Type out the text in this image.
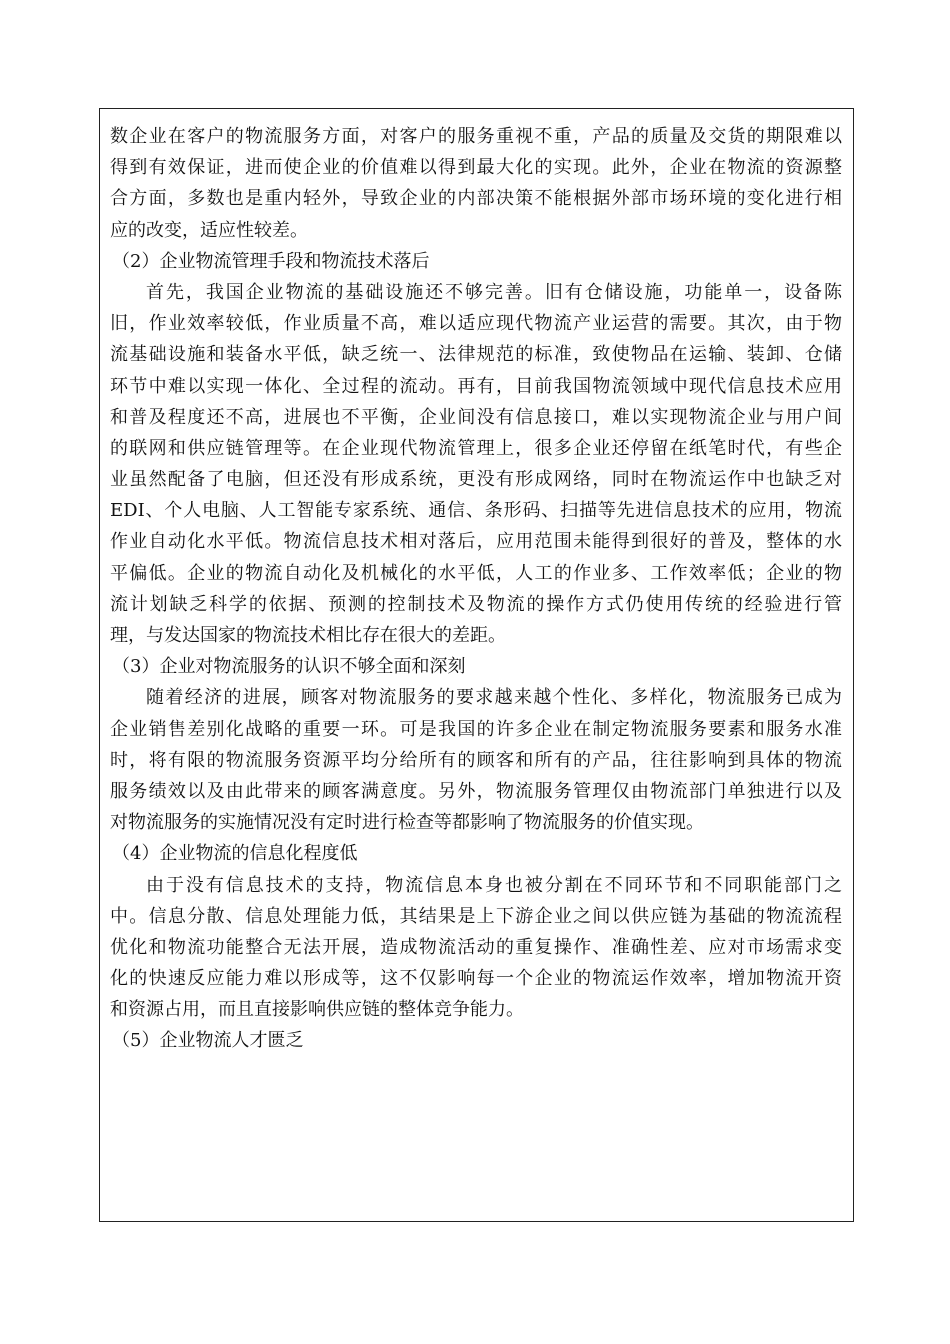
数企业在客户的物流服务方面，对客户的服务重视不重，产品的质量及交货的期限难以
得到有效保证，进而使企业的价值难以得到最大化的实现。此外，企业在物流的资源整
合方面，多数也是重内轻外，导致企业的内部决策不能根据外部市场环境的变化进行相
应的改变，适应性较差。
（2）企业物流管理手段和物流技术落后
首先，我国企业物流的基础设施还不够完善。旧有仓储设施，功能单一，设备陈
旧，作业效率较低，作业质量不高，难以适应现代物流产业运营的需要。其次，由于物
流基础设施和装备水平低，缺乏统一、法律规范的标准，致使物品在运输、装卸、仓储
环节中难以实现一体化、全过程的流动。再有，目前我国物流领域中现代信息技术应用
和普及程度还不高，进展也不平衡，企业间没有信息接口，难以实现物流企业与用户间
的联网和供应链管理等。在企业现代物流管理上，很多企业还停留在纸笔时代，有些企
业虽然配备了电脑，但还没有形成系统，更没有形成网络，同时在物流运作中也缺乏对
EDI、个人电脑、人工智能专家系统、通信、条形码、扫描等先进信息技术的应用，物流
作业自动化水平低。物流信息技术相对落后，应用范围未能得到很好的普及，整体的水
平偏低。企业的物流自动化及机械化的水平低，人工的作业多、工作效率低；企业的物
流计划缺乏科学的依据、预测的控制技术及物流的操作方式仍使用传统的经验进行管
理，与发达国家的物流技术相比存在很大的差距。
（3）企业对物流服务的认识不够全面和深刻
随着经济的进展，顾客对物流服务的要求越来越个性化、多样化，物流服务已成为
企业销售差别化战略的重要一环。可是我国的许多企业在制定物流服务要素和服务水准
时，将有限的物流服务资源平均分给所有的顾客和所有的产品，往往影响到具体的物流
服务绩效以及由此带来的顾客满意度。另外，物流服务管理仅由物流部门单独进行以及
对物流服务的实施情况没有定时进行检查等都影响了物流服务的价值实现。
（4）企业物流的信息化程度低
由于没有信息技术的支持，物流信息本身也被分割在不同环节和不同职能部门之
中。信息分散、信息处理能力低，其结果是上下游企业之间以供应链为基础的物流流程
优化和物流功能整合无法开展，造成物流活动的重复操作、准确性差、应对市场需求变
化的快速反应能力难以形成等，这不仅影响每一个企业的物流运作效率，增加物流开资
和资源占用，而且直接影响供应链的整体竞争能力。
（5）企业物流人才匮乏
